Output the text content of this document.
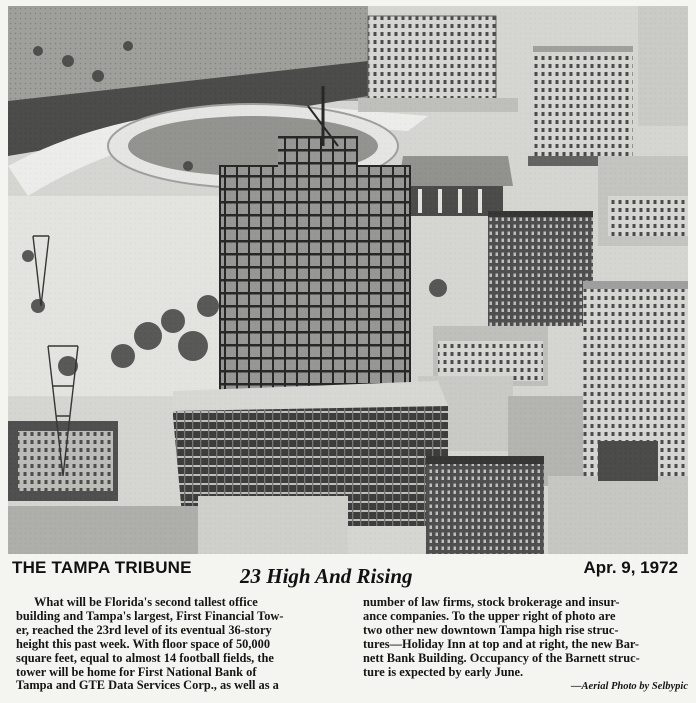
THE TAMPA TRIBUNE 23 High And Rising	Apr. 9, 1972
What will be Florida's second tallest office
building and Tampa's largest, First Financial Tow-
er, reached the 23rd level of its eventual 36-story
height this past week. With floor space of 50,000
square feet, equal to almost 14 football fields, the
tower will be home for First National Bank of
Tampa and GTE Data Services Corp., as well as a
number of law firms, stock brokerage and insur-
ance companies. To the upper right of photo are
two other new downtown Tampa high rise struc-
tures—Holiday Inn at top and at right, the new Bar-
nett Bank Building. Occupancy of the Barnett struc-
ture is expected by early June.
—Aerial Photo by Selbypic
